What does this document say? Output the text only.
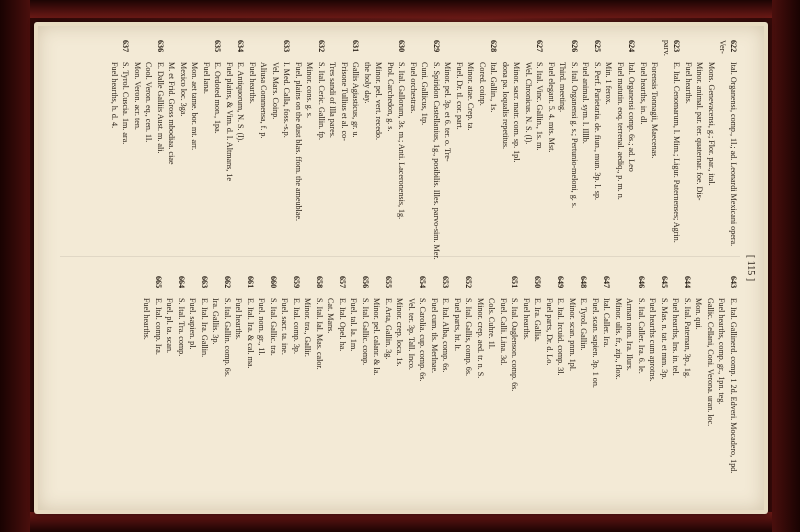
[ 115 ]
622Ital. Organensi, comp., 1l.; ad. Leonardi Mexicani opera. Ver-
Mons. Genevacensi, g.; Flor. par., ital.
Minor. animal. par. ter. quaternar. foe. Dis-
Fuel hearths.
623E. Ital. Cenomarum, l. Mim.; Ligur. Paternenses; Agrin. parv.
Forensis Tonnagii, Maecenas.
Fuel hearths, in. dl.
624Ital. Organensi comp. 6s.; ad. Leo
Fuel matutin. eoq. terrenal. aediq., p. m. n.
Min. 1 ferox.
625S. Perf. Parietaria. de. fiun., mun. 3p. l. sp.
Fuel animal. sym. l. Illlb.
626S. Ital. Organensi g. s.; Pertunio-meloni, g. s.
Third. meeting.
Fuel elegant. 5. 4. mts. Mst.
627S. Ital. Vinc. Gallin., 1s. m.
Wel. Chronicus. N. S. (l).
Minor. sacr. matr. com. sp. 1pl.
dona pa. loqualis repetitus.
628Ital. Gallin., 1s.
Cored. coinp.
Minor. atae. Crep. ta.
Fuel. Dr. tl. cor. part.
Minor. pel. 3p. et 6. ter. o. Tre-
629S. Spiridon Castellanius, 1g., posibilis. Illes. parvo-sim. Mer.
Cuni. Gallicus, 1tp.
Fuel orchestras.
630S. Ital. Gallorum, 3s. m.; Anti. Laceronensis, 1g.
Ptol. Carchedon, g. s.
Minor. pel. vert. recedo.
the holy day.
631Gallis Agiasticus, gr. u.
Frisone Tullius et al. co-
Tres sandi of Illa pares.
632S. Ital. Ceric. Gallin. fp.
Minor. cons. g. s.
Fuel. plains on the dust blas. ffom. the ameublae.
633I. Med. Calla, foss.-s.p.
Vel. Mars. Coinp.
Aliusa Commensa, f. p.
Fuel hearths.
634E. Antiquorum, N. S. (l).
Fuel plains, & Vim. d. l. Altmans, 1e
635E. Ordoted mon., 1pa.
Fuel lana.
Mon. aet tame. bor. mt. arr.
Mexico loc. 3ga.
M. et Frid. Gross mbodiaa. ciae
636E. Dalle Galliis Aust. m. ali.
Cool. Veron. eq., cen. 1l.
Mon. Veron. acr. ten.
637S. Tyrol. Cuscia. 1m. ara.
Fuel hearths, h. d. 4.
643E. Ital. Gallinerd. comp. 1 2d. Edveri. Mocadero, 1pd.
Fuel hearths, comp. gr., 1pn. teg.
Gallic. Cellani, Coni. Verona. uran. loc.
Mon. qui.
644S. Ital. Paternan, 3p., 1g.
Fuel hearths, lns. in. tel.
645S. Mas. n. tat. et mm. 3p.
Fuel hearths cum aprotns.
646S. Ital. Caller. Ira. 6. le.
Arman nom. Ira. Ilurs.
Minor. ulis. fr., zip., flox.
647Ital. Caller. Ira.
Fuel. scan. sapien. 3p. 1 on.
648E. Tyrol. Gallin.
Minor. scan. pnm. 1pl.
649E. Ital. Ircuid. comp. 3l.
Fuel parts, Dr. d. Lo.
650E. Ira. Gallia.
Fuel hearths.
651S. Ital. Oaglenson. comp. 6s.
Fuel. Calli. Lina. 3d.
Cols. Cuhre. 1l.
Minor. crep. aed. tr. n. S.
652S. Ital. Gallis, comp. 6s.
Fuel parts, ht. lt.
653E. Ital. Alba, comp. 6s.
Fuel cum. tls. Merlnae.
654S. Carolia. cup. comp. 6s.
Vel. ter. 3p. Tall. Inco.
Minor. crep. loca. 1s.
655E. Arta, Gallin. 3g.
Minor. pel. calanr. & la.
656S. Ital. Gallic. comp.
Fuel. tal. Ia. 1m.
657E. Ital. Opel. ha.
Cat. Mans.
658S. Ital. Ial. Mas. calor.
Minor. tra., Gallir.
659E. Ital. comp. 3p.
Fuel. sacr. ta. ine.
660S. Ital. Gallic. tra.
Fuel. nom. gr., 1l.
661E. Ital. Ira. & cal. ma.
Fuel hearths.
662S. Ital. Gallin. comp. 6s.
Ira. Gallis. 3p.
663E. Ital. Ira. Gallin.
Fuel. sapien. pl.
664S. Ital. Tra. comp.
Fuel. pl. ta. scan.
665E. Ital. comp. Ira.
Fuel hearths.
